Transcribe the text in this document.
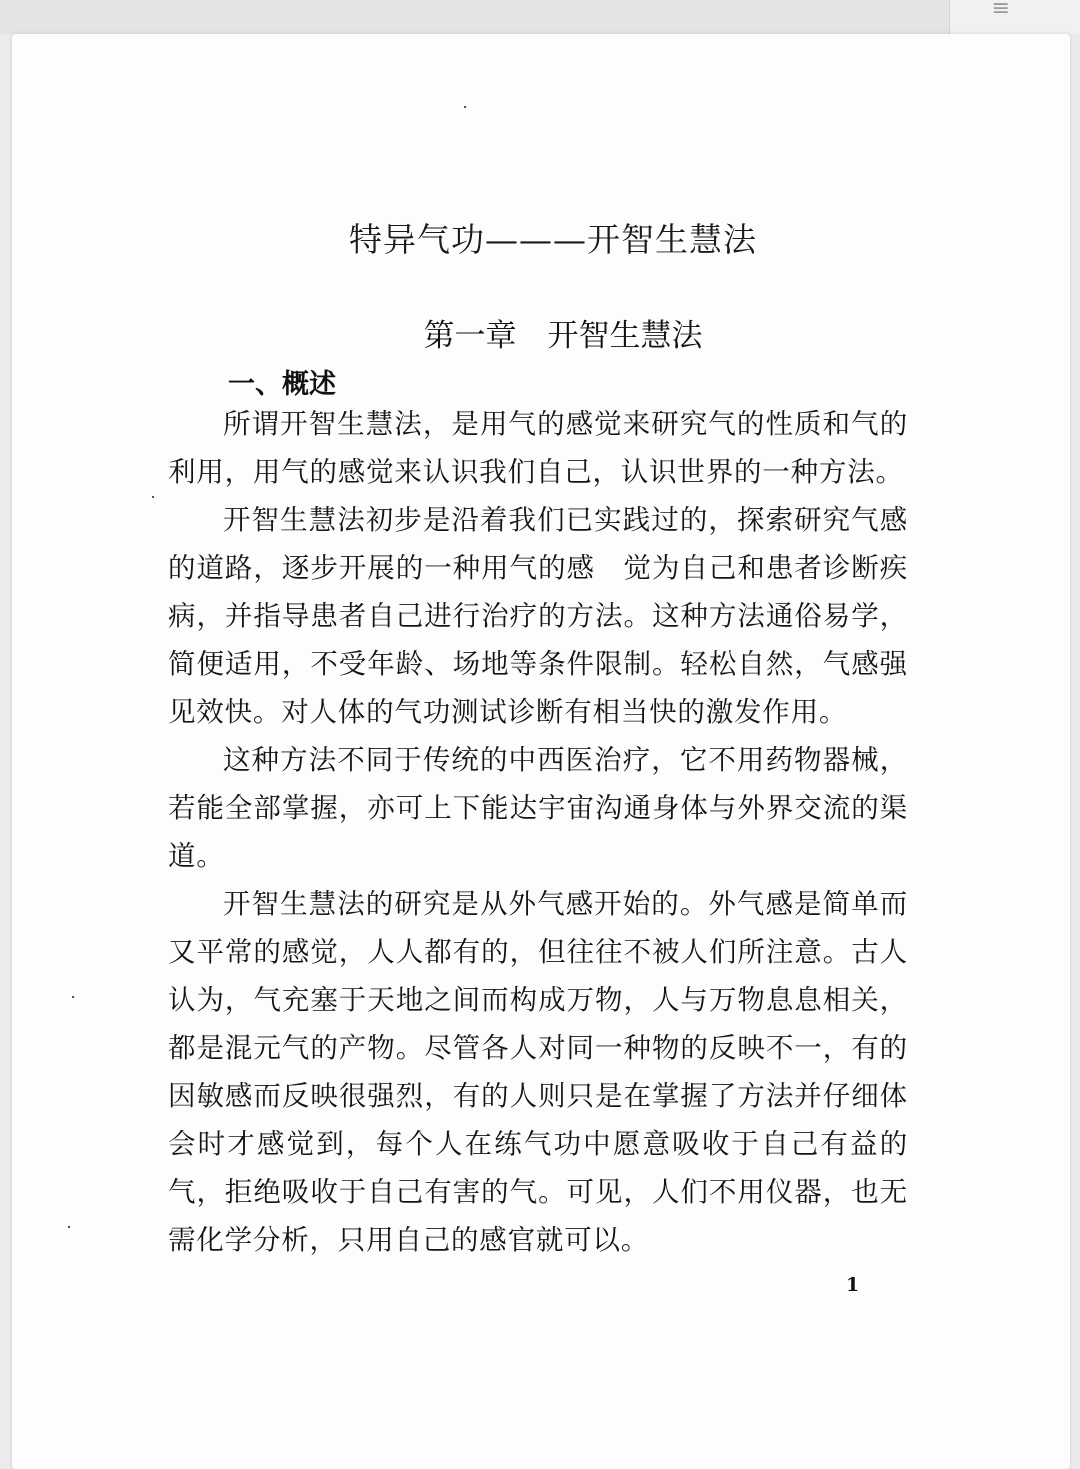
≡
特异气功———开智生慧法
第一章　开智生慧法
一、概述

所谓开智生慧法，是用气的感觉来研究气的性质和气的利用，用气的感觉来认识我们自己，认识世界的一种方法。

开智生慧法初步是沿着我们已实践过的，探索研究气感的道路，逐步开展的一种用气的感　觉为自己和患者诊断疾病，并指导患者自己进行治疗的方法。这种方法通俗易学，简便适用，不受年龄、场地等条件限制。轻松自然，气感强见效快。对人体的气功测试诊断有相当快的激发作用。

这种方法不同于传统的中西医治疗，它不用药物器械，若能全部掌握，亦可上下能达宇宙沟通身体与外界交流的渠道。

开智生慧法的研究是从外气感开始的。外气感是简单而又平常的感觉，人人都有的，但往往不被人们所注意。古人认为，气充塞于天地之间而构成万物，人与万物息息相关，都是混元气的产物。尽管各人对同一种物的反映不一，有的因敏感而反映很强烈，有的人则只是在掌握了方法并仔细体会时才感觉到，每个人在练气功中愿意吸收于自己有益的气，拒绝吸收于自己有害的气。可见，人们不用仪器，也无需化学分析，只用自己的感官就可以。

1
